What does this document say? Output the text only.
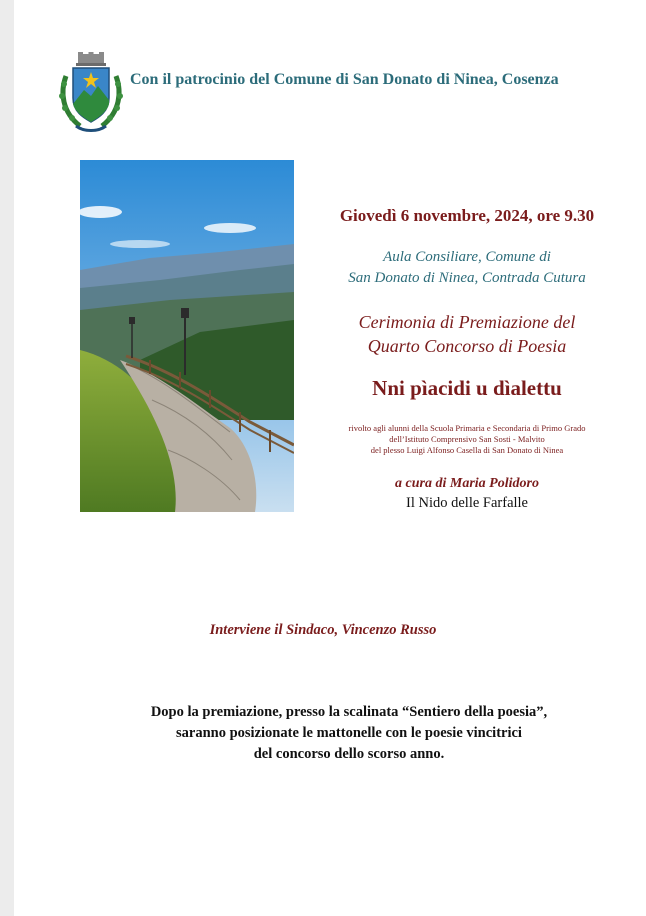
Con il patrocinio del Comune di San Donato di Ninea, Cosenza
Giovedì 6 novembre, 2024, ore 9.30
Aula Consiliare, Comune di
San Donato di Ninea, Contrada Cutura
Cerimonia di Premiazione del
Quarto Concorso di Poesia
Nni pìacidi u dìalettu
rivolto agli alunni della Scuola Primaria e Secondaria di Primo Grado
dell’Istituto Comprensivo San Sosti - Malvito
del plesso Luigi Alfonso Casella di San Donato di Ninea
a cura di Maria Polidoro
Il Nido delle Farfalle
Interviene il Sindaco, Vincenzo Russo
Dopo la premiazione, presso la scalinata “Sentiero della poesia”,
saranno posizionate le mattonelle con le poesie vincitrici
del concorso dello scorso anno.
